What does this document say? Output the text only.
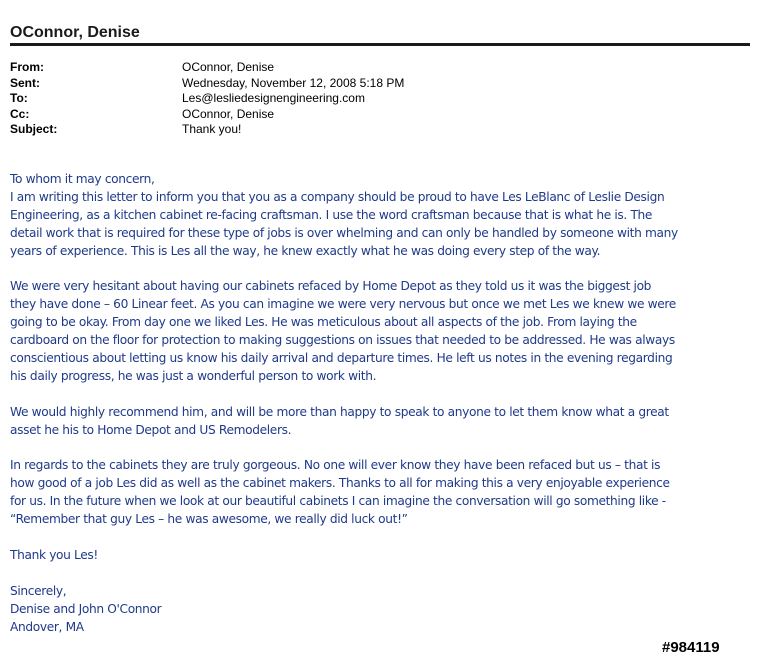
OConnor, Denise
From:	OConnor, Denise
Sent:	Wednesday, November 12, 2008 5:18 PM
To:	Les@lesliedesignengineering.com
Cc:	OConnor, Denise
Subject:	Thank you!

To whom it may concern,

I am writing this letter to inform you that you as a company should be proud to have Les LeBlanc of Leslie Design

Engineering, as a kitchen cabinet re-facing craftsman. I use the word craftsman because that is what he is. The

detail work that is required for these type of jobs is over whelming and can only be handled by someone with many

years of experience. This is Les all the way, he knew exactly what he was doing every step of the way.

We were very hesitant about having our cabinets refaced by Home Depot as they told us it was the biggest job

they have done – 60 Linear feet. As you can imagine we were very nervous but once we met Les we knew we were

going to be okay. From day one we liked Les. He was meticulous about all aspects of the job. From laying the

cardboard on the floor for protection to making suggestions on issues that needed to be addressed. He was always

conscientious about letting us know his daily arrival and departure times. He left us notes in the evening regarding

his daily progress, he was just a wonderful person to work with.

We would highly recommend him, and will be more than happy to speak to anyone to let them know what a great

asset he his to Home Depot and US Remodelers.

In regards to the cabinets they are truly gorgeous. No one will ever know they have been refaced but us – that is

how good of a job Les did as well as the cabinet makers. Thanks to all for making this a very enjoyable experience

for us. In the future when we look at our beautiful cabinets I can imagine the conversation will go something like -

“Remember that guy Les – he was awesome, we really did luck out!”

Thank you Les!

Sincerely,

Denise and John O'Connor

Andover, MA

#984119
